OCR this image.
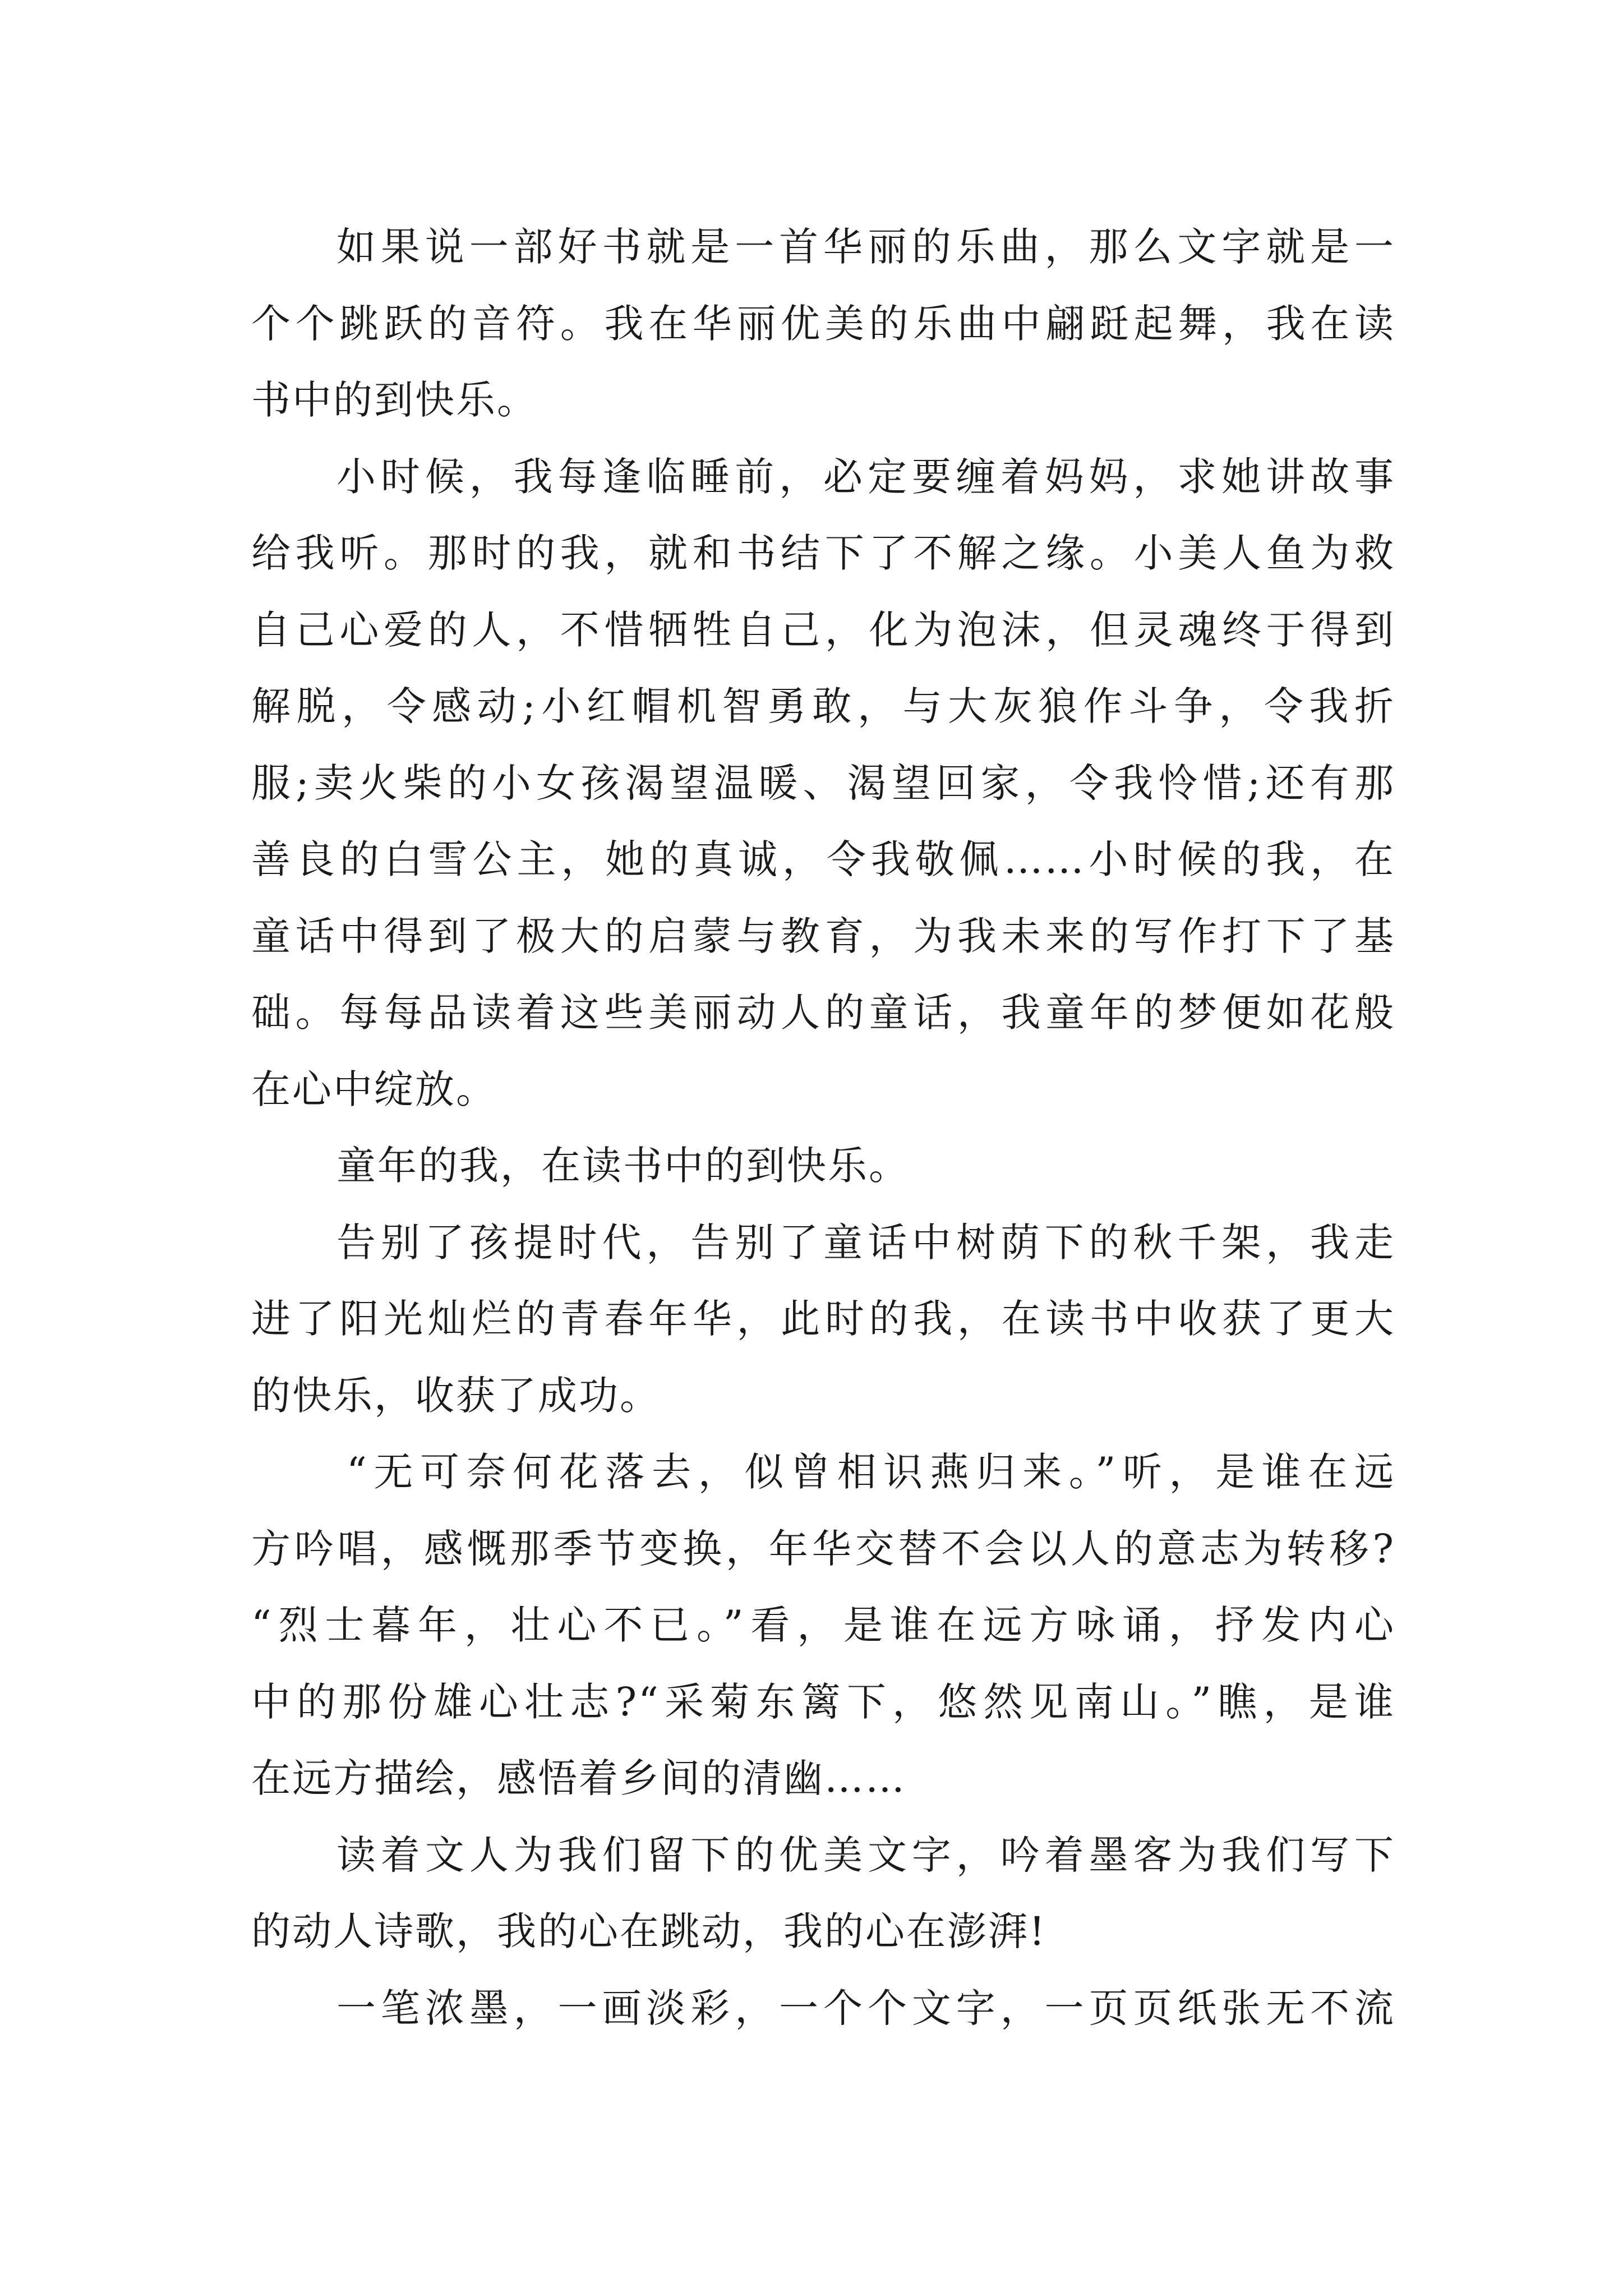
如果说一部好书就是一首华丽的乐曲，那么文字就是一
个个跳跃的音符。我在华丽优美的乐曲中翩跹起舞，我在读
书中的到快乐。
小时候，我每逢临睡前，必定要缠着妈妈，求她讲故事
给我听。那时的我，就和书结下了不解之缘。小美人鱼为救
自己心爱的人，不惜牺牲自己，化为泡沫，但灵魂终于得到
解脱，令感动;小红帽机智勇敢，与大灰狼作斗争，令我折
服;卖火柴的小女孩渴望温暖、渴望回家，令我怜惜;还有那
善良的白雪公主，她的真诚，令我敬佩……小时候的我，在
童话中得到了极大的启蒙与教育，为我未来的写作打下了基
础。每每品读着这些美丽动人的童话，我童年的梦便如花般
在心中绽放。
童年的我，在读书中的到快乐。
告别了孩提时代，告别了童话中树荫下的秋千架，我走
进了阳光灿烂的青春年华，此时的我，在读书中收获了更大
的快乐，收获了成功。
“无可奈何花落去，似曾相识燕归来。”听，是谁在远
方吟唱，感慨那季节变换，年华交替不会以人的意志为转移?
“烈士暮年，壮心不已。”看，是谁在远方咏诵，抒发内心
中的那份雄心壮志?“采菊东篱下，悠然见南山。”瞧，是谁
在远方描绘，感悟着乡间的清幽……
读着文人为我们留下的优美文字，吟着墨客为我们写下
的动人诗歌，我的心在跳动，我的心在澎湃!
一笔浓墨，一画淡彩，一个个文字，一页页纸张无不流
